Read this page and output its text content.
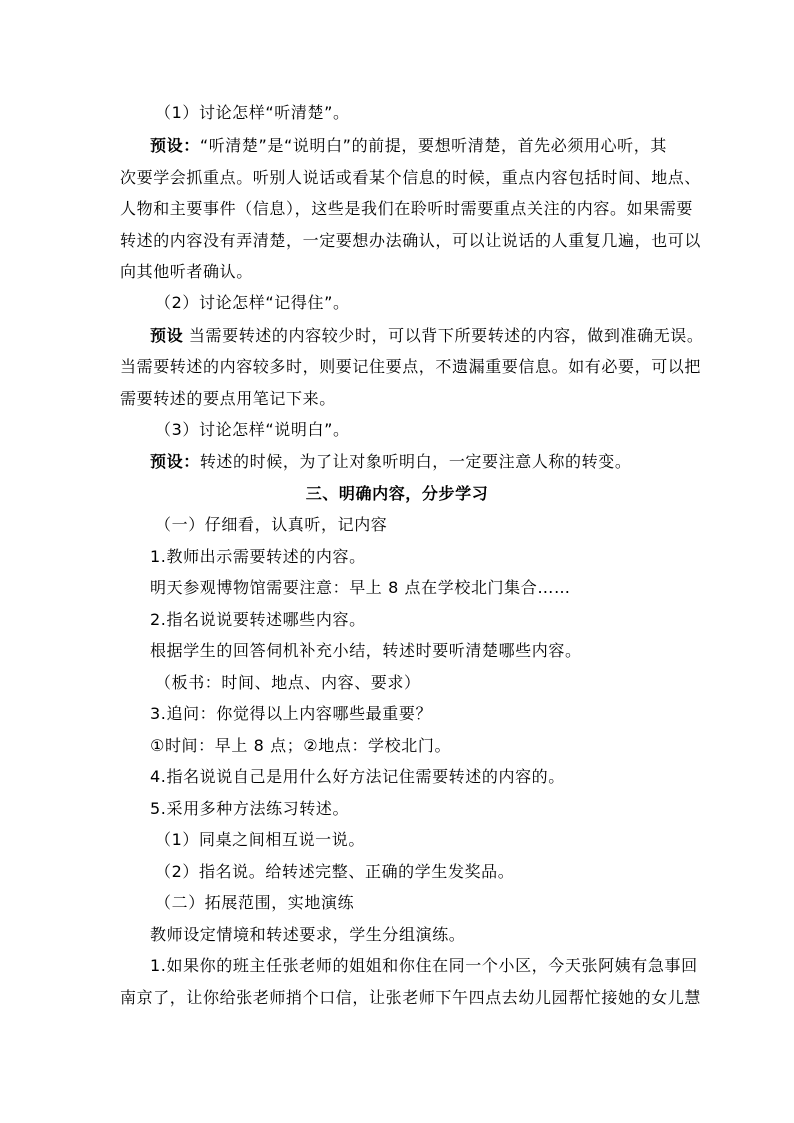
（1）讨论怎样“听清楚”。
预设：“听清楚”是“说明白”的前提，要想听清楚，首先必须用心听，其
次要学会抓重点。听别人说话或看某个信息的时候，重点内容包括时间、地点、
人物和主要事件（信息），这些是我们在聆听时需要重点关注的内容。如果需要
转述的内容没有弄清楚，一定要想办法确认，可以让说话的人重复几遍，也可以
向其他听者确认。
（2）讨论怎样“记得住”。
预设 当需要转述的内容较少时，可以背下所要转述的内容，做到准确无误。
当需要转述的内容较多时，则要记住要点，不遗漏重要信息。如有必要，可以把
需要转述的要点用笔记下来。
（3）讨论怎样“说明白”。
预设：转述的时候，为了让对象听明白，一定要注意人称的转变。
三、明确内容，分步学习
（一）仔细看，认真听，记内容
1.教师出示需要转述的内容。
明天参观博物馆需要注意：早上 8 点在学校北门集合……
2.指名说说要转述哪些内容。
根据学生的回答伺机补充小结，转述时要听清楚哪些内容。
（板书：时间、地点、内容、要求）
3.追问：你觉得以上内容哪些最重要？
①时间：早上 8 点；②地点：学校北门。
4.指名说说自己是用什么好方法记住需要转述的内容的。
5.采用多种方法练习转述。
（1）同桌之间相互说一说。
（2）指名说。给转述完整、正确的学生发奖品。
（二）拓展范围，实地演练
教师设定情境和转述要求，学生分组演练。
1.如果你的班主任张老师的姐姐和你住在同一个小区，今天张阿姨有急事回
南京了，让你给张老师捎个口信，让张老师下午四点去幼儿园帮忙接她的女儿慧
